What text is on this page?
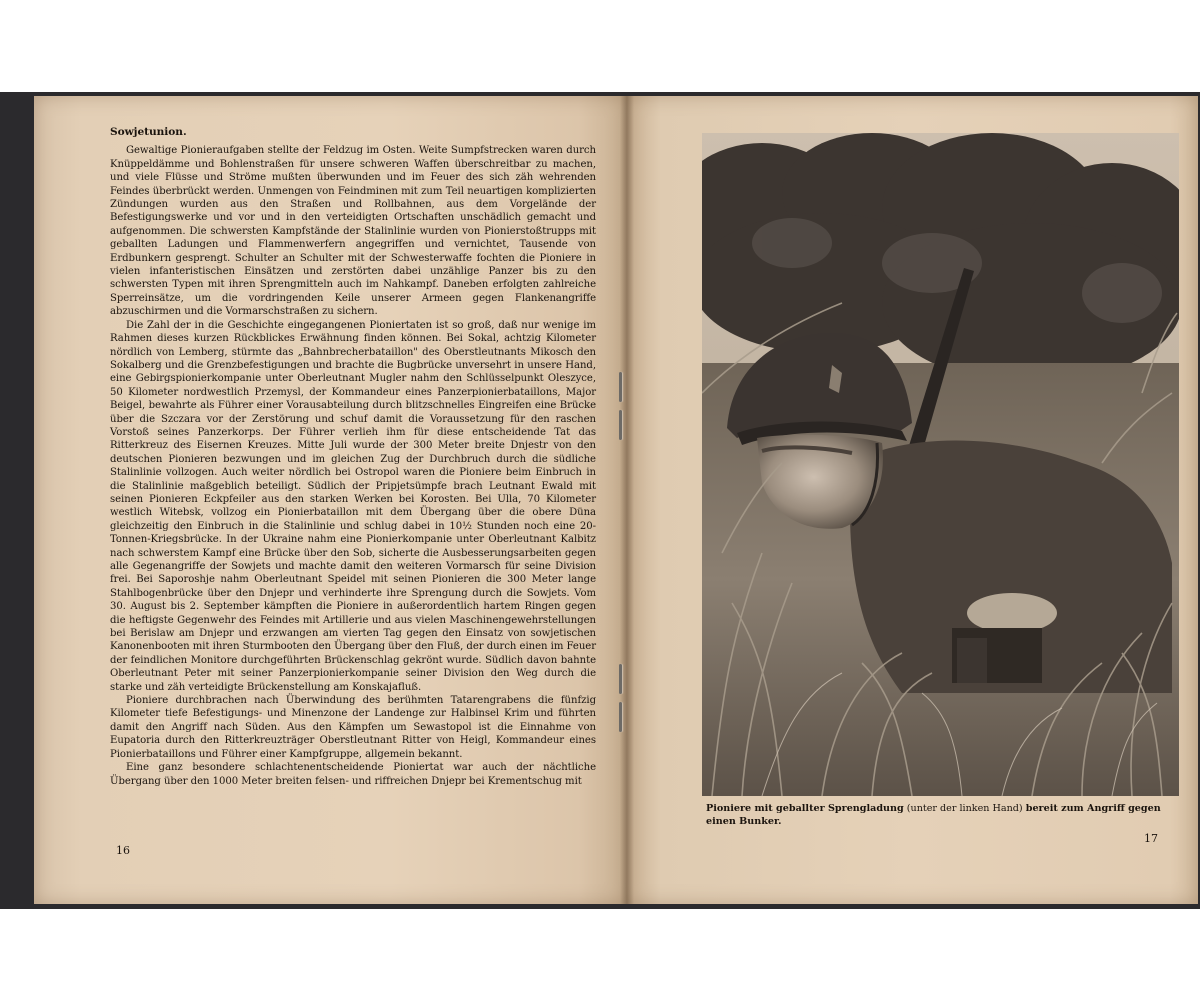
Sowjetunion.

Gewaltige Pionieraufgaben stellte der Feldzug im Osten. Weite Sumpfstrecken waren durch Knüppeldämme und Bohlenstraßen für unsere schweren Waffen überschreitbar zu machen, und viele Flüsse und Ströme mußten überwunden und im Feuer des sich zäh wehrenden Feindes überbrückt werden. Unmengen von Feindminen mit zum Teil neuartigen komplizierten Zündungen wurden aus den Straßen und Rollbahnen, aus dem Vorgelände der Befestigungswerke und vor und in den verteidigten Ortschaften unschädlich gemacht und aufgenommen. Die schwersten Kampfstände der Stalinlinie wurden von Pionierstoßtrupps mit geballten Ladungen und Flammenwerfern angegriffen und vernichtet, Tausende von Erdbunkern gesprengt. Schulter an Schulter mit der Schwesterwaffe fochten die Pioniere in vielen infanteristischen Einsätzen und zerstörten dabei unzählige Panzer bis zu den schwersten Typen mit ihren Sprengmitteln auch im Nahkampf. Daneben erfolgten zahlreiche Sperreinsätze, um die vordringenden Keile unserer Armeen gegen Flankenangriffe abzuschirmen und die Vormarschstraßen zu sichern.

Die Zahl der in die Geschichte eingegangenen Pioniertaten ist so groß, daß nur wenige im Rahmen dieses kurzen Rückblickes Erwähnung finden können. Bei Sokal, achtzig Kilometer nördlich von Lemberg, stürmte das „Bahnbrecherbataillon" des Oberstleutnants Mikosch den Sokalberg und die Grenzbefestigungen und brachte die Bugbrücke unversehrt in unsere Hand, eine Gebirgspionierkompanie unter Oberleutnant Mugler nahm den Schlüsselpunkt Oleszyce, 50 Kilometer nordwestlich Przemysl, der Kommandeur eines Panzerpionierbataillons, Major Beigel, bewahrte als Führer einer Vorausabteilung durch blitzschnelles Eingreifen eine Brücke über die Szczara vor der Zerstörung und schuf damit die Voraussetzung für den raschen Vorstoß seines Panzerkorps. Der Führer verlieh ihm für diese entscheidende Tat das Ritterkreuz des Eisernen Kreuzes. Mitte Juli wurde der 300 Meter breite Dnjestr von den deutschen Pionieren bezwungen und im gleichen Zug der Durchbruch durch die südliche Stalinlinie vollzogen. Auch weiter nördlich bei Ostropol waren die Pioniere beim Einbruch in die Stalinlinie maßgeblich beteiligt. Südlich der Pripjetsümpfe brach Leutnant Ewald mit seinen Pionieren Eckpfeiler aus den starken Werken bei Korosten. Bei Ulla, 70 Kilometer westlich Witebsk, vollzog ein Pionierbataillon mit dem Übergang über die obere Düna gleichzeitig den Einbruch in die Stalinlinie und schlug dabei in 10½ Stunden noch eine 20-Tonnen-Kriegsbrücke. In der Ukraine nahm eine Pionierkompanie unter Oberleutnant Kalbitz nach schwerstem Kampf eine Brücke über den Sob, sicherte die Ausbesserungsarbeiten gegen alle Gegenangriffe der Sowjets und machte damit den weiteren Vormarsch für seine Division frei. Bei Saporoshje nahm Oberleutnant Speidel mit seinen Pionieren die 300 Meter lange Stahlbogenbrücke über den Dnjepr und verhinderte ihre Sprengung durch die Sowjets. Vom 30. August bis 2. September kämpften die Pioniere in außerordentlich hartem Ringen gegen die heftigste Gegenwehr des Feindes mit Artillerie und aus vielen Maschinengewehrstellungen bei Berislaw am Dnjepr und erzwangen am vierten Tag gegen den Einsatz von sowjetischen Kanonenbooten mit ihren Sturmbooten den Übergang über den Fluß, der durch einen im Feuer der feindlichen Monitore durchgeführten Brückenschlag gekrönt wurde. Südlich davon bahnte Oberleutnant Peter mit seiner Panzerpionierkompanie seiner Division den Weg durch die starke und zäh verteidigte Brückenstellung am Konskajafluß.

Pioniere durchbrachen nach Überwindung des berühmten Tatarengrabens die fünfzig Kilometer tiefe Befestigungs- und Minenzone der Landenge zur Halbinsel Krim und führten damit den Angriff nach Süden. Aus den Kämpfen um Sewastopol ist die Einnahme von Eupatoria durch den Ritterkreuzträger Oberstleutnant Ritter von Heigl, Kommandeur eines Pionierbataillons und Führer einer Kampfgruppe, allgemein bekannt.

Eine ganz besondere schlachtenentscheidende Pioniertat war auch der nächtliche Übergang über den 1000 Meter breiten felsen- und riffreichen Dnjepr bei Krementschug mit

16
Pioniere mit geballter Sprengladung (unter der linken Hand) bereit zum Angriff gegen einen Bunker.
17
